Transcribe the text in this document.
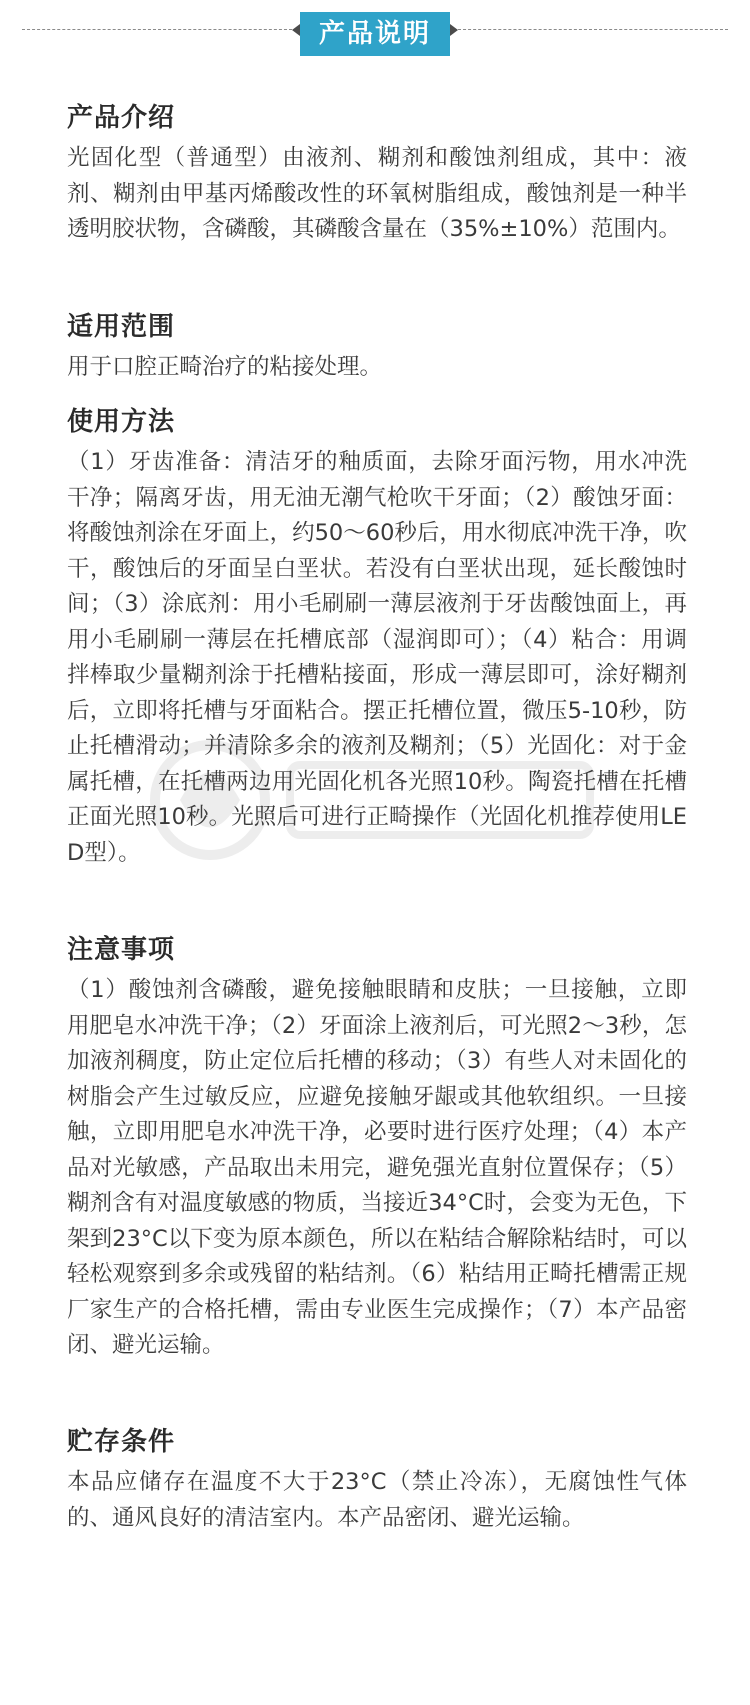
产品说明
产品介绍

光固化型（普通型）由液剂、糊剂和酸蚀剂组成，其中：液剂、糊剂由甲基丙烯酸改性的环氧树脂组成，酸蚀剂是一种半透明胶状物，含磷酸，其磷酸含量在（35%±10%）范围内。

适用范围

用于口腔正畸治疗的粘接处理。

使用方法

（1）牙齿准备：清洁牙的釉质面，去除牙面污物，用水冲洗干净；隔离牙齿，用无油无潮气枪吹干牙面；（2）酸蚀牙面：将酸蚀剂涂在牙面上，约50～60秒后，用水彻底冲洗干净，吹干，酸蚀后的牙面呈白垩状。若没有白垩状出现，延长酸蚀时间；（3）涂底剂：用小毛刷刷一薄层液剂于牙齿酸蚀面上，再用小毛刷刷一薄层在托槽底部（湿润即可）；（4）粘合：用调拌棒取少量糊剂涂于托槽粘接面，形成一薄层即可，涂好糊剂后，立即将托槽与牙面粘合。摆正托槽位置，微压5-10秒，防止托槽滑动；并清除多余的液剂及糊剂；（5）光固化：对于金属托槽，在托槽两边用光固化机各光照10秒。陶瓷托槽在托槽正面光照10秒。光照后可进行正畸操作（光固化机推荐使用LED型）。

注意事项

（1）酸蚀剂含磷酸，避免接触眼睛和皮肤；一旦接触，立即用肥皂水冲洗干净；（2）牙面涂上液剂后，可光照2～3秒，怎加液剂稠度，防止定位后托槽的移动；（3）有些人对未固化的树脂会产生过敏反应，应避免接触牙龈或其他软组织。一旦接触，立即用肥皂水冲洗干净，必要时进行医疗处理；（4）本产品对光敏感，产品取出未用完，避免强光直射位置保存；（5）糊剂含有对温度敏感的物质，当接近34°C时，会变为无色，下架到23°C以下变为原本颜色，所以在粘结合解除粘结时，可以轻松观察到多余或残留的粘结剂。（6）粘结用正畸托槽需正规厂家生产的合格托槽，需由专业医生完成操作；（7）本产品密闭、避光运输。

贮存条件

本品应储存在温度不大于23°C（禁止冷冻），无腐蚀性气体的、通风良好的清洁室内。本产品密闭、避光运输。
